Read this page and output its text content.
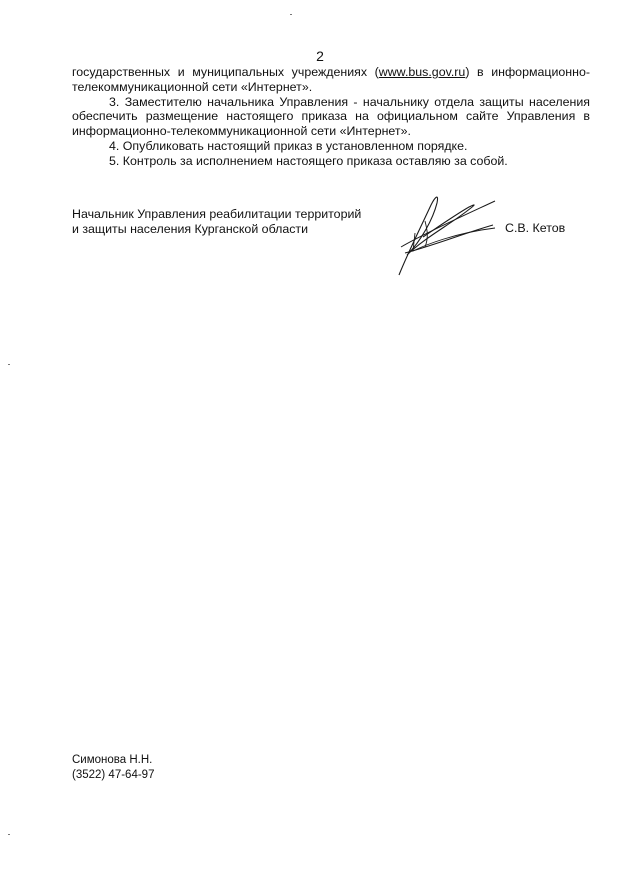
2

государственных и муниципальных учреждениях (www.bus.gov.ru) в информационно-

телекоммуникационной сети «Интернет».

3. Заместителю начальника Управления - начальнику отдела защиты населения

обеспечить размещение настоящего приказа на официальном сайте Управления в

информационно-телекоммуникационной сети «Интернет».

4. Опубликовать настоящий приказ в установленном порядке.

5. Контроль за исполнением настоящего приказа оставляю за собой.

Начальник Управления реабилитации территорий
и защиты населения Курганской области	С.В. Кетов
Симонова Н.Н.
(3522) 47-64-97
